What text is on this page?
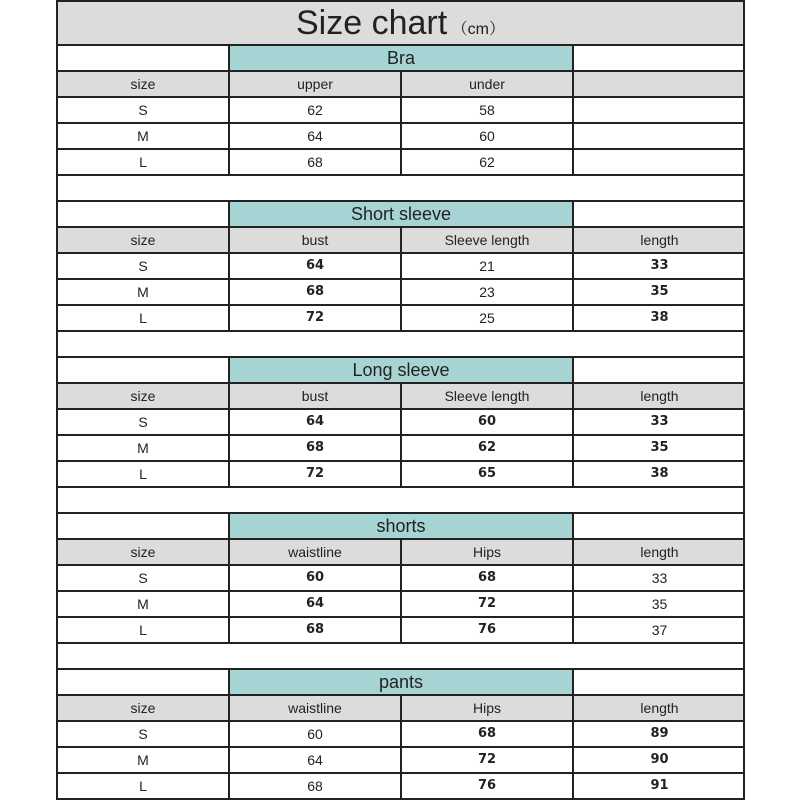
Size chart （cm）
Bra
size	upper	under
S	62	58
M	64	60
L	68	62
Short sleeve
size	bust	Sleeve length	length
S	64	21	33
M	68	23	35
L	72	25	38
Long sleeve
size	bust	Sleeve length	length
S	64	60	33
M	68	62	35
L	72	65	38
shorts
size	waistline	Hips	length
S	60	68	33
M	64	72	35
L	68	76	37
pants
size	waistline	Hips	length
S	60	68	89
M	64	72	90
L	68	76	91
